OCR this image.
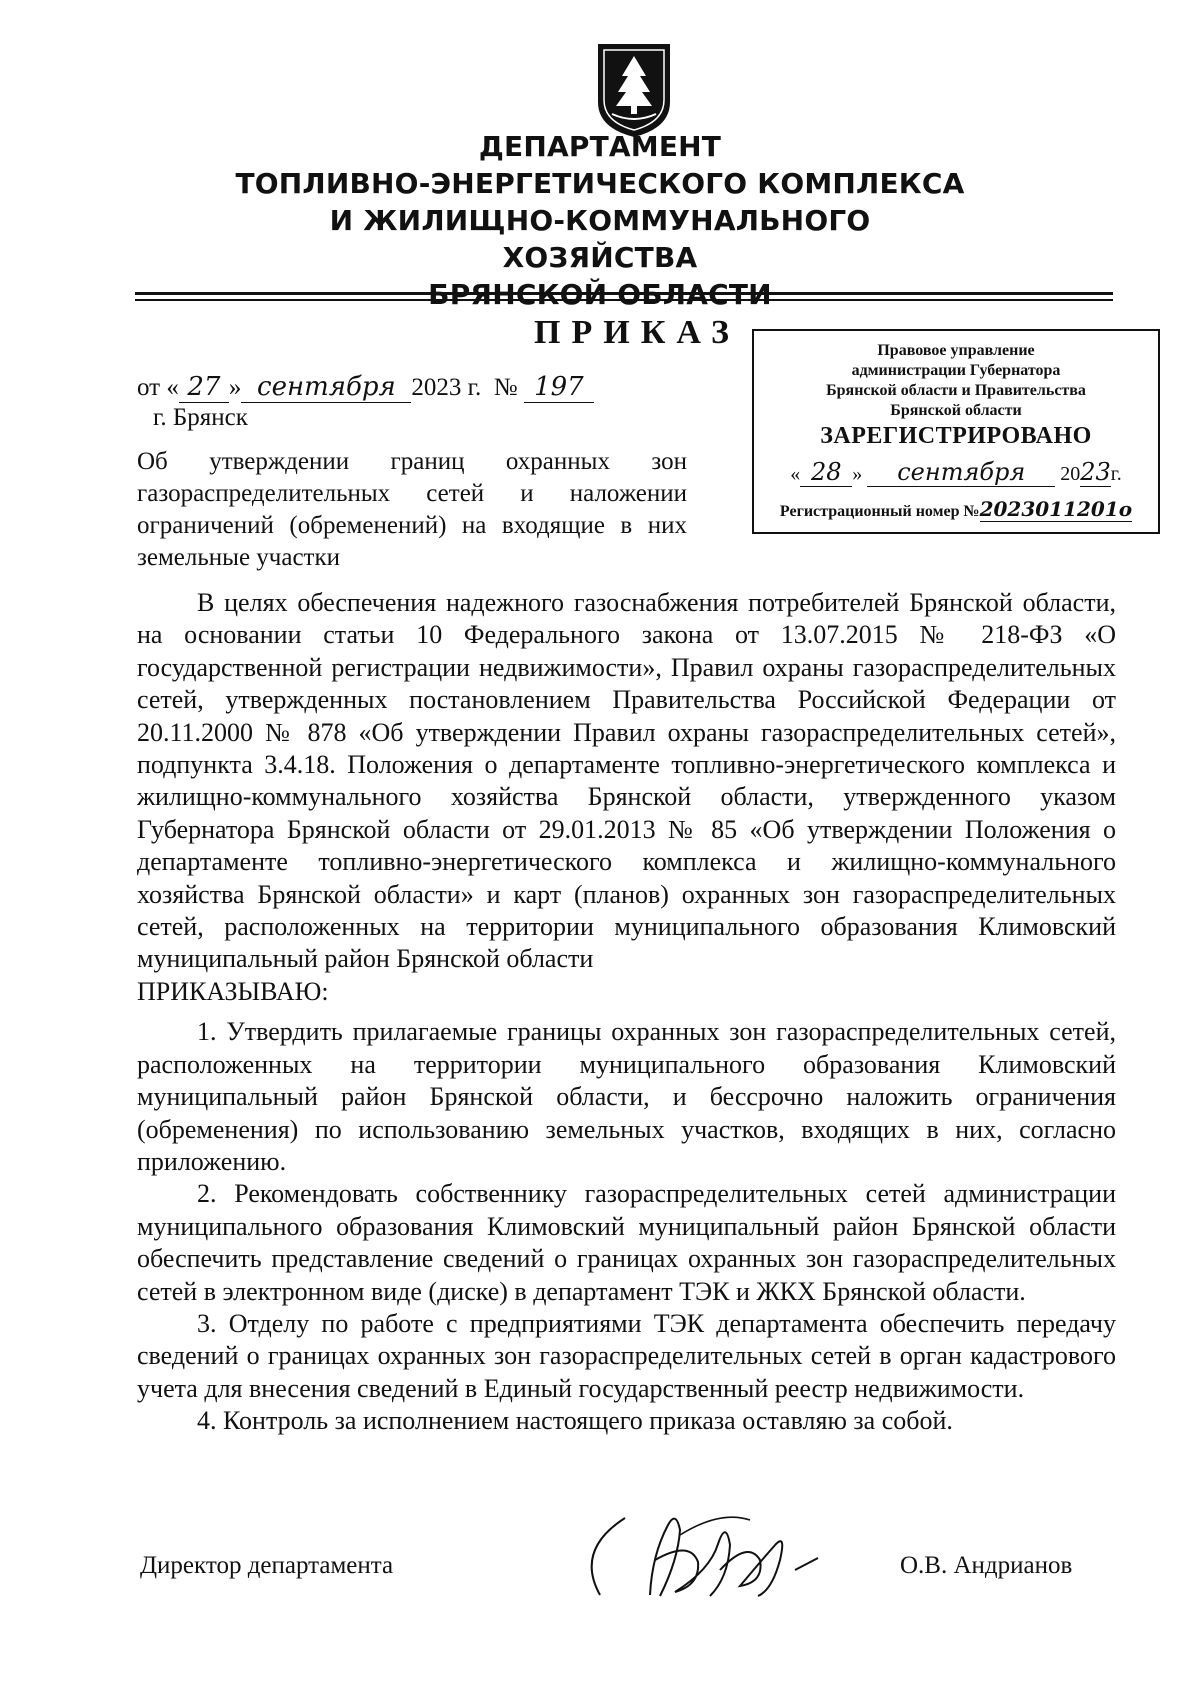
ДЕПАРТАМЕНТ
ТОПЛИВНО-ЭНЕРГЕТИЧЕСКОГО КОМПЛЕКСА
И ЖИЛИЩНО-КОММУНАЛЬНОГО ХОЗЯЙСТВА
ПРИКАЗ
от « 27 » сентября 2023 г. № 197
г. Брянск
Об утверждении границ охранных зон газораспределительных сетей и наложении ограничений (обременений) на входящие в них земельные участки
Правовое управление
администрации Губернатора
Брянской области и Правительства
Брянской области
ЗАРЕГИСТРИРОВАНО
« 28 » сентября 2023г.
Регистрационный номер №2023011201о

В целях обеспечения надежного газоснабжения потребителей Брянской области, на основании статьи 10 Федерального закона от 13.07.2015 № 218-ФЗ «О государственной регистрации недвижимости», Правил охраны газораспределительных сетей, утвержденных постановлением Правительства Российской Федерации от 20.11.2000 № 878 «Об утверждении Правил охраны газораспределительных сетей», подпункта 3.4.18. Положения о департаменте топливно-энергетического комплекса и жилищно-коммунального хозяйства Брянской области, утвержденного указом Губернатора Брянской области от 29.01.2013 № 85 «Об утверждении Положения о департаменте топливно-энергетического комплекса и жилищно-коммунального хозяйства Брянской области» и карт (планов) охранных зон газораспределительных сетей, расположенных на территории муниципального образования Климовский муниципальный район Брянской области

ПРИКАЗЫВАЮ:

1. Утвердить прилагаемые границы охранных зон газораспределительных сетей, расположенных на территории муниципального образования Климовский муниципальный район Брянской области, и бессрочно наложить ограничения (обременения) по использованию земельных участков, входящих в них, согласно приложению.

2. Рекомендовать собственнику газораспределительных сетей администрации муниципального образования Климовский муниципальный район Брянской области обеспечить представление сведений о границах охранных зон газораспределительных сетей в электронном виде (диске) в департамент ТЭК и ЖКХ Брянской области.

3. Отделу по работе с предприятиями ТЭК департамента обеспечить передачу сведений о границах охранных зон газораспределительных сетей в орган кадастрового учета для внесения сведений в Единый государственный реестр недвижимости.

4. Контроль за исполнением настоящего приказа оставляю за собой.

Директор департамента	О.В. Андрианов
